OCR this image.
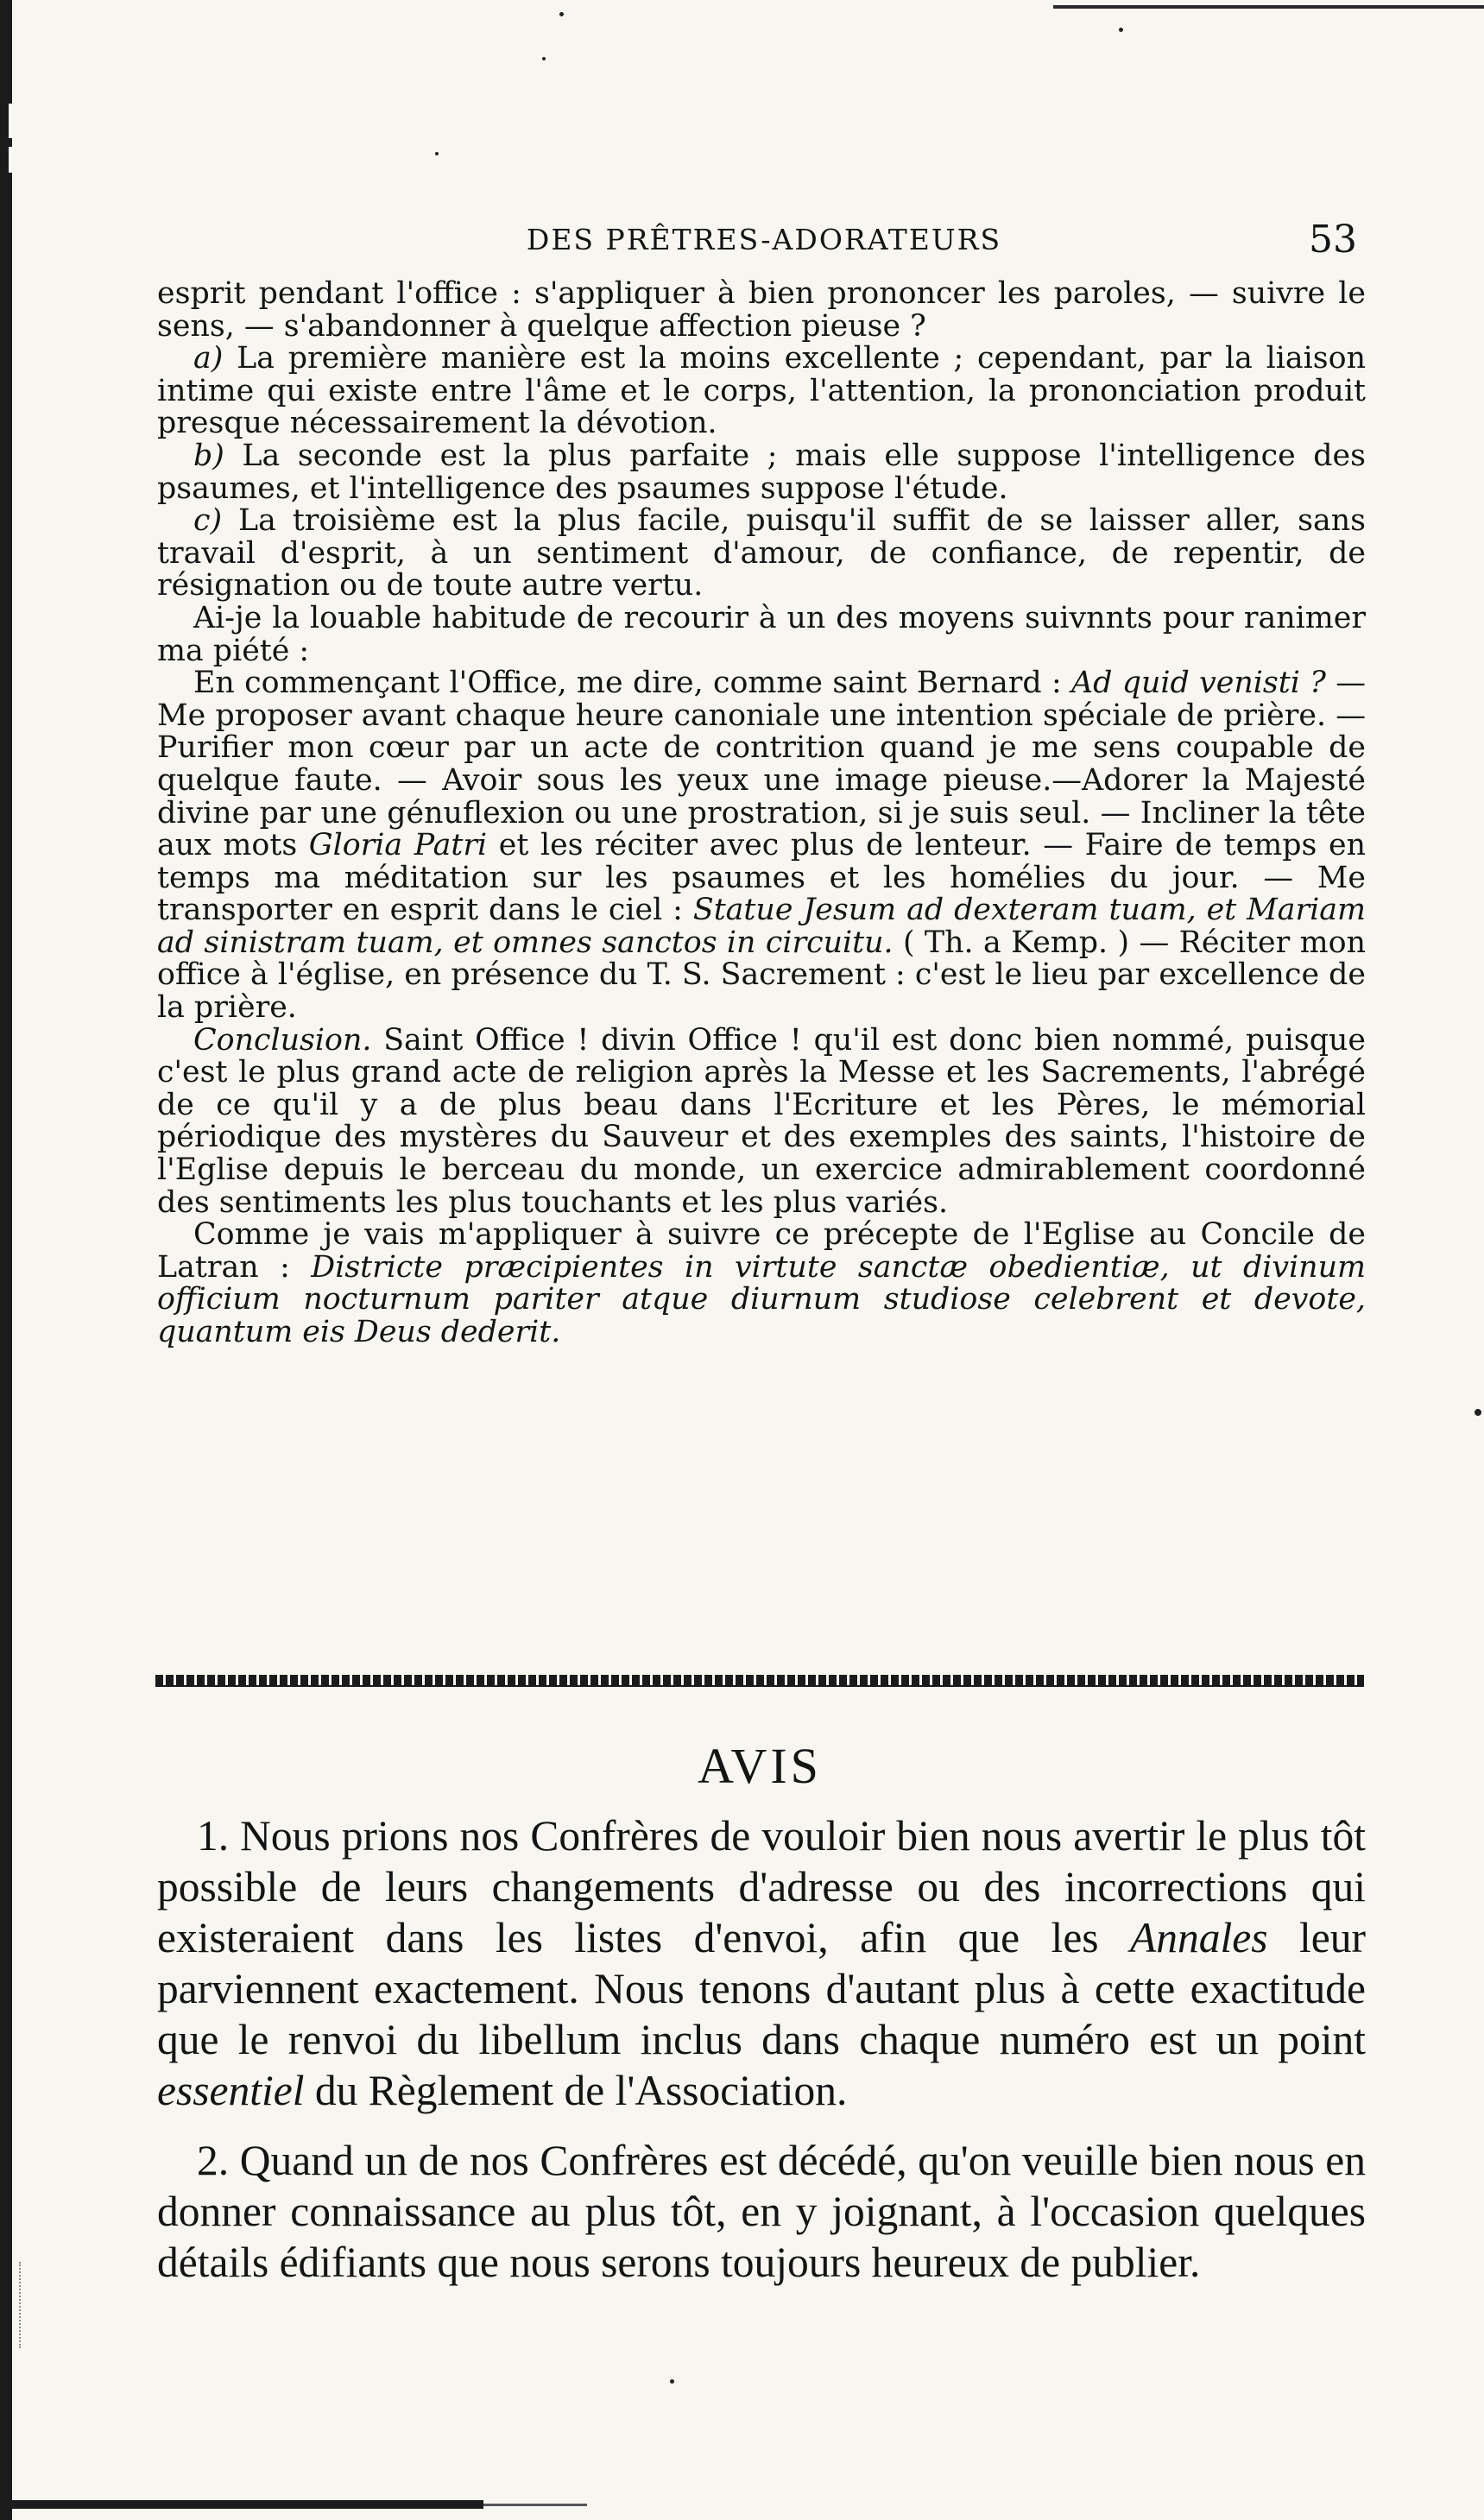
DES PRÊTRES-ADORATEURS	53

esprit pendant l'office : s'appliquer à bien prononcer les paroles, — suivre le sens, — s'abandonner à quelque affection pieuse ?

a) La première manière est la moins excellente ; cependant, par la liaison intime qui existe entre l'âme et le corps, l'attention, la prononciation produit presque nécessairement la dévotion.

b) La seconde est la plus parfaite ; mais elle suppose l'intelligence des psaumes, et l'intelligence des psaumes suppose l'étude.

c) La troisième est la plus facile, puisqu'il suffit de se laisser aller, sans travail d'esprit, à un sentiment d'amour, de confiance, de repentir, de résignation ou de toute autre vertu.

Ai-je la louable habitude de recourir à un des moyens suivnnts pour ranimer ma piété :

En commençant l'Office, me dire, comme saint Bernard : Ad quid venisti ? — Me proposer avant chaque heure canoniale une intention spéciale de prière. — Purifier mon cœur par un acte de contrition quand je me sens coupable de quelque faute. — Avoir sous les yeux une image pieuse.—Adorer la Majesté divine par une génuflexion ou une prostration, si je suis seul. — Incliner la tête aux mots Gloria Patri et les réciter avec plus de lenteur. — Faire de temps en temps ma méditation sur les psaumes et les homélies du jour. — Me transporter en esprit dans le ciel : Statue Jesum ad dexteram tuam, et Mariam ad sinistram tuam, et omnes sanctos in circuitu. ( Th. a Kemp. ) — Réciter mon office à l'église, en présence du T. S. Sacrement : c'est le lieu par excellence de la prière.

Conclusion. Saint Office ! divin Office ! qu'il est donc bien nommé, puisque c'est le plus grand acte de religion après la Messe et les Sacrements, l'abrégé de ce qu'il y a de plus beau dans l'Ecriture et les Pères, le mémorial périodique des mystères du Sauveur et des exemples des saints, l'histoire de l'Eglise depuis le berceau du monde, un exercice admirablement coordonné des sentiments les plus touchants et les plus variés.

Comme je vais m'appliquer à suivre ce précepte de l'Eglise au Concile de Latran : Districte præcipientes in virtute sanctæ obedientiæ, ut divinum officium nocturnum pariter atque diurnum studiose celebrent et devote, quantum eis Deus dederit.

AVIS

1. Nous prions nos Confrères de vouloir bien nous avertir le plus tôt possible de leurs changements d'adresse ou des incorrections qui existeraient dans les listes d'envoi, afin que les Annales leur parviennent exactement. Nous tenons d'autant plus à cette exactitude que le renvoi du libellum inclus dans chaque numéro est un point essentiel du Règlement de l'Association.

2. Quand un de nos Confrères est décédé, qu'on veuille bien nous en donner connaissance au plus tôt, en y joignant, à l'occasion quelques détails édifiants que nous serons toujours heureux de publier.
